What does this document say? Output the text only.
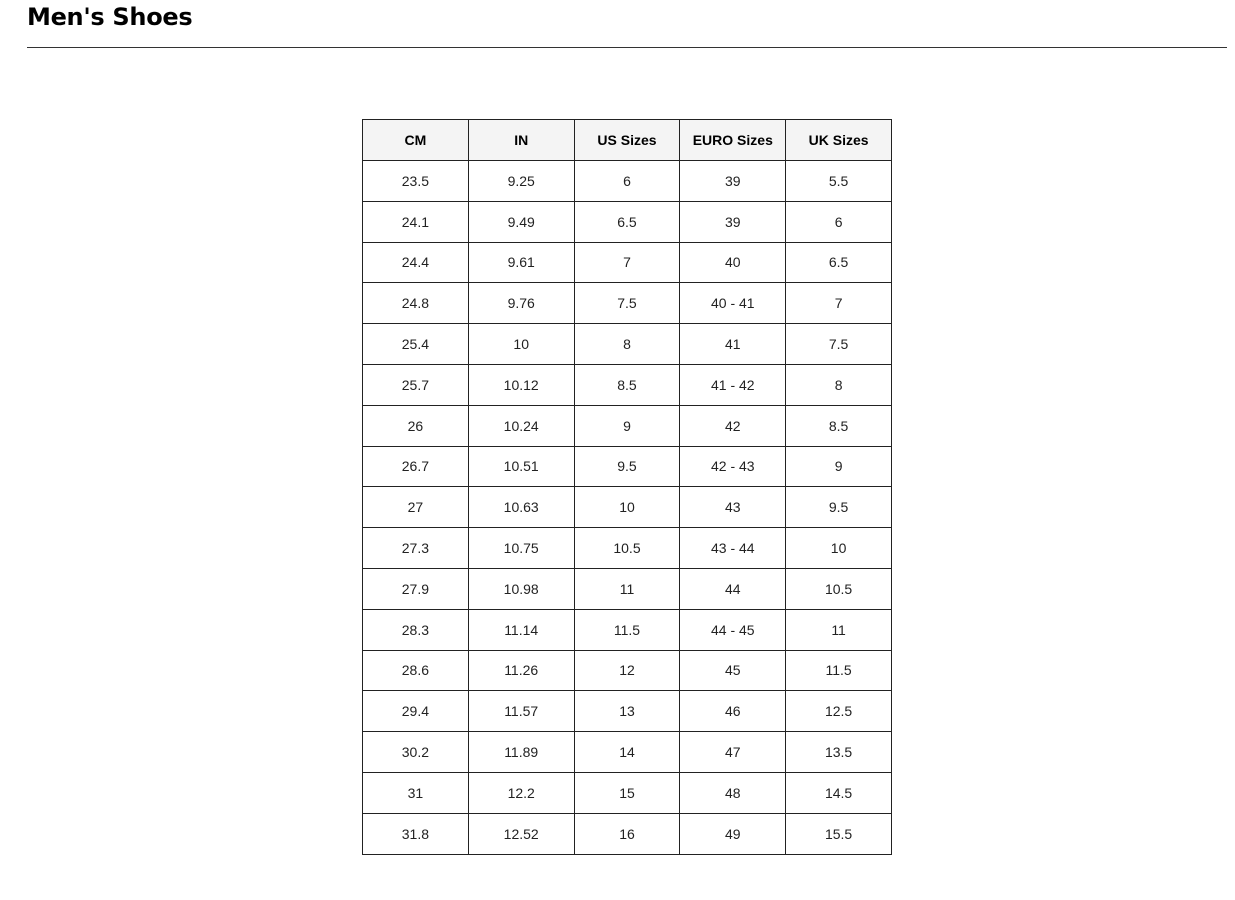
Men's Shoes
CM	IN	US Sizes	EURO Sizes	UK Sizes
23.5	9.25	6	39	5.5
24.1	9.49	6.5	39	6
24.4	9.61	7	40	6.5
24.8	9.76	7.5	40 - 41	7
25.4	10	8	41	7.5
25.7	10.12	8.5	41 - 42	8
26	10.24	9	42	8.5
26.7	10.51	9.5	42 - 43	9
27	10.63	10	43	9.5
27.3	10.75	10.5	43 - 44	10
27.9	10.98	11	44	10.5
28.3	11.14	11.5	44 - 45	11
28.6	11.26	12	45	11.5
29.4	11.57	13	46	12.5
30.2	11.89	14	47	13.5
31	12.2	15	48	14.5
31.8	12.52	16	49	15.5
